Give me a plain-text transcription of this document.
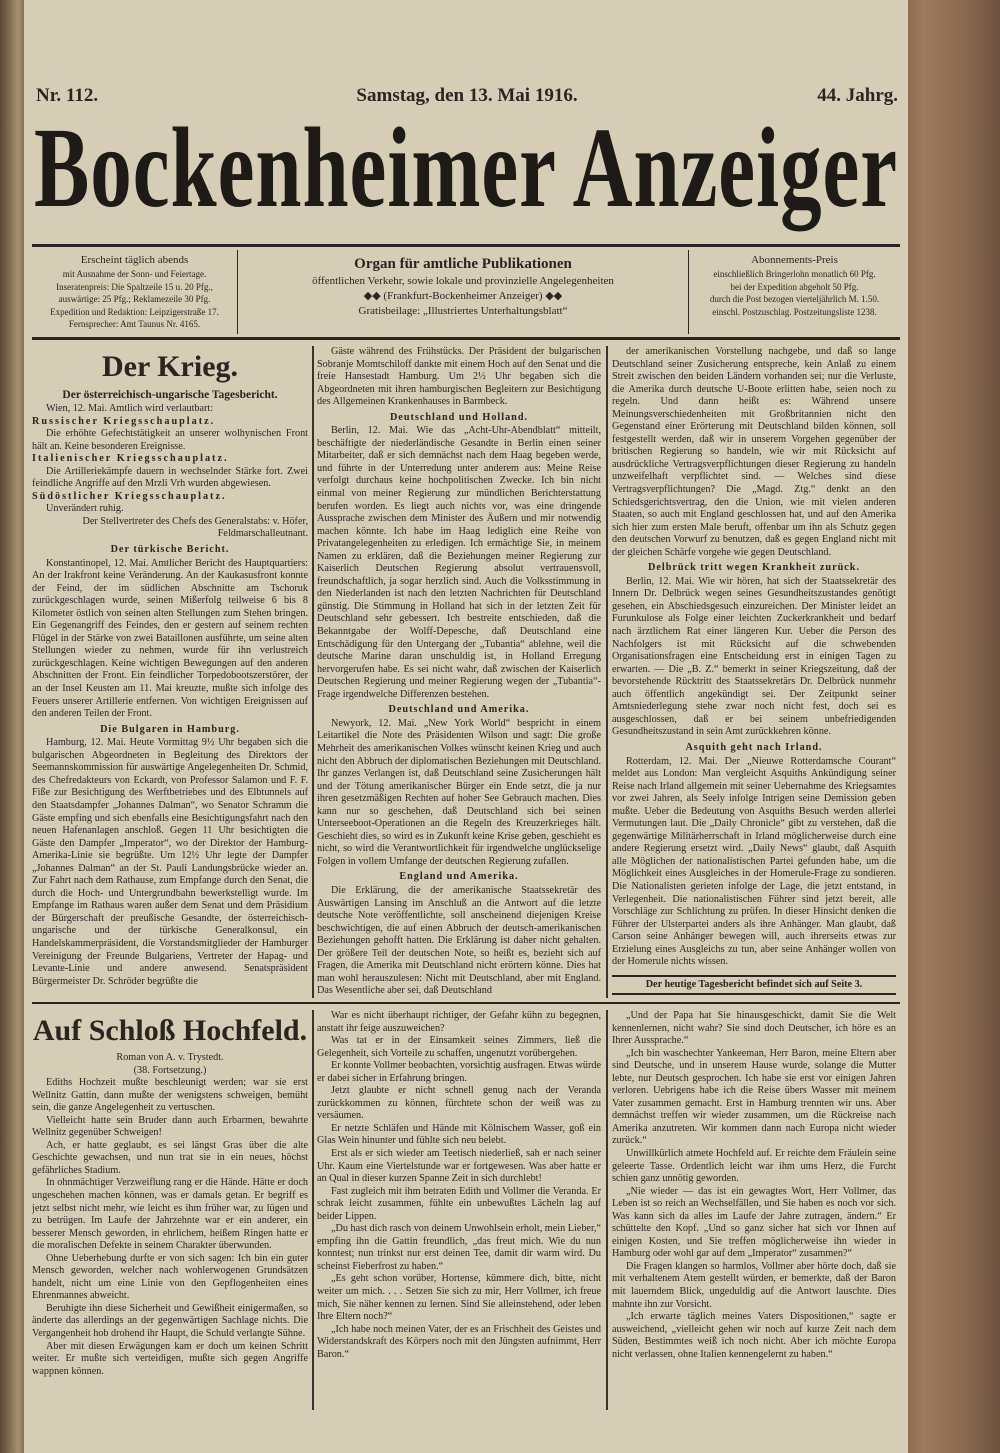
Nr. 112.	Samstag, den 13. Mai 1916.	44. Jahrg.
Bockenheimer Anzeiger
Erscheint täglich abends
mit Ausnahme der Sonn- und Feiertage.
Inseratenpreis: Die Spaltzeile 15 u. 20 Pfg.,
auswärtige: 25 Pfg.; Reklamezeile 30 Pfg.
Expedition und Redaktion: Leipzigerstraße 17.
Fernsprecher: Amt Taunus Nr. 4165.
Organ für amtliche Publikationen
öffentlichen Verkehr, sowie lokale und provinzielle Angelegenheiten
◆◆ (Frankfurt-Bockenheimer Anzeiger) ◆◆
Gratisbeilage: „Illustriertes Unterhaltungsblatt“
Abonnements-Preis
einschließlich Bringerlohn monatlich 60 Pfg.
bei der Expedition abgeholt 50 Pfg.
durch die Post bezogen vierteljährlich M. 1.50.
einschl. Postzuschlag. Postzeitungsliste 1238.
Der Krieg.
Der österreichisch-ungarische Tagesbericht.

Wien, 12. Mai. Amtlich wird verlautbart:

Russischer Kriegsschauplatz.

Die erhöhte Gefechtstätigkeit an unserer wolhynischen Front hält an. Keine besonderen Ereignisse.

Italienischer Kriegsschauplatz.

Die Artilleriekämpfe dauern in wechselnder Stärke fort. Zwei feindliche Angriffe auf den Mrzli Vrh wurden abgewiesen.

Südöstlicher Kriegsschauplatz.

Unverändert ruhig.

Der Stellvertreter des Chefs des Generalstabs: v. Höfer, Feldmarschalleutnant.
Der türkische Bericht.

Konstantinopel, 12. Mai. Amtlicher Bericht des Hauptquartiers: An der Irakfront keine Veränderung. An der Kaukasusfront konnte der Feind, der im südlichen Abschnitte am Tschoruk zurückgeschlagen wurde, seinen Mißerfolg teilweise 6 bis 8 Kilometer östlich von seinen alten Stellungen zum Stehen bringen. Ein Gegenangriff des Feindes, den er gestern auf seinem rechten Flügel in der Stärke von zwei Bataillonen ausführte, um seine alten Stellungen wieder zu nehmen, wurde für ihn verlustreich zurückgeschlagen. Keine wichtigen Bewegungen auf den anderen Abschnitten der Front. Ein feindlicher Torpedobootszerstörer, der an der Insel Keusten am 11. Mai kreuzte, mußte sich infolge des Feuers unserer Artillerie entfernen. Von wichtigen Ereignissen auf den anderen Teilen der Front.

Die Bulgaren in Hamburg.

Hamburg, 12. Mai. Heute Vormittag 9½ Uhr begaben sich die bulgarischen Abgeordneten in Begleitung des Direktors der Seemannskommission für auswärtige Angelegenheiten Dr. Schmid, des Chefredakteurs von Eckardt, von Professor Salamon und F. F. Fiße zur Besichtigung des Werftbetriebes und des Elbtunnels auf den Staatsdampfer „Johannes Dalman“, wo Senator Schramm die Gäste empfing und sich ebenfalls eine Besichtigungsfahrt nach den neuen Hafenanlagen anschloß. Gegen 11 Uhr besichtigten die Gäste den Dampfer „Imperator“, wo der Direktor der Hamburg-Amerika-Linie sie begrüßte. Um 12½ Uhr legte der Dampfer „Johannes Dalman“ an der St. Pauli Landungsbrücke wieder an. Zur Fahrt nach dem Rathause, zum Empfange durch den Senat, die durch die Hoch- und Untergrundbahn bewerkstelligt wurde. Im Empfange im Rathaus waren außer dem Senat und dem Präsidium der Bürgerschaft der preußische Gesandte, der österreichisch-ungarische und der türkische Generalkonsul, ein Handelskammerpräsident, die Vorstandsmitglieder der Hamburger Vereinigung der Freunde Bulgariens, Vertreter der Hapag- und Levante-Linie und andere anwesend. Senatspräsident Bürgermeister Dr. Schröder begrüßte die

Gäste während des Frühstücks. Der Präsident der bulgarischen Sobranje Momtschiloff dankte mit einem Hoch auf den Senat und die freie Hansestadt Hamburg. Um 2½ Uhr begaben sich die Abgeordneten mit ihren hamburgischen Begleitern zur Besichtigung des Allgemeinen Krankenhauses in Barmbeck.

Deutschland und Holland.

Berlin, 12. Mai. Wie das „Acht-Uhr-Abendblatt“ mitteilt, beschäftigte der niederländische Gesandte in Berlin einen seiner Mitarbeiter, daß er sich demnächst nach dem Haag begeben werde, und führte in der Unterredung unter anderem aus: Meine Reise verfolgt durchaus keine hochpolitischen Zwecke. Ich bin nicht einmal von meiner Regierung zur mündlichen Berichterstattung berufen worden. Es liegt auch nichts vor, was eine dringende Aussprache zwischen dem Minister des Äußern und mir notwendig machen könnte. Ich habe im Haag lediglich eine Reihe von Privatangelegenheiten zu erledigen. Ich ermächtige Sie, in meinem Namen zu erklären, daß die Beziehungen meiner Regierung zur Kaiserlich Deutschen Regierung absolut vertrauensvoll, freundschaftlich, ja sogar herzlich sind. Auch die Volksstimmung in den Niederlanden ist nach den letzten Nachrichten für Deutschland günstig. Die Stimmung in Holland hat sich in der letzten Zeit für Deutschland sehr gebessert. Ich bestreite entschieden, daß die Bekanntgabe der Wolff-Depesche, daß Deutschland eine Entschädigung für den Untergang der „Tubantia“ ablehne, weil die deutsche Marine daran unschuldig ist, in Holland Erregung hervorgerufen habe. Es sei nicht wahr, daß zwischen der Kaiserlich Deutschen Regierung und meiner Regierung wegen der „Tubantia“-Frage irgendwelche Differenzen bestehen.

Deutschland und Amerika.

Newyork, 12. Mai. „New York World“ bespricht in einem Leitartikel die Note des Präsidenten Wilson und sagt: Die große Mehrheit des amerikanischen Volkes wünscht keinen Krieg und auch nicht den Abbruch der diplomatischen Beziehungen mit Deutschland. Ihr ganzes Verlangen ist, daß Deutschland seine Zusicherungen hält und der Tötung amerikanischer Bürger ein Ende setzt, die ja nur ihren gesetzmäßigen Rechten auf hoher See Gebrauch machen. Dies kann nur so geschehen, daß Deutschland sich bei seinen Unterseeboot-Operationen an die Regeln des Kreuzerkrieges hält. Geschieht dies, so wird es in Zukunft keine Krise geben, geschieht es nicht, so wird die Verantwortlichkeit für irgendwelche unglückselige Folgen in vollem Umfange der deutschen Regierung zufallen.

England und Amerika.

Die Erklärung, die der amerikanische Staatssekretär des Auswärtigen Lansing im Anschluß an die Antwort auf die letzte deutsche Note veröffentlichte, soll anscheinend diejenigen Kreise beschwichtigen, die auf einen Abbruch der deutsch-amerikanischen Beziehungen gehofft hatten. Die Erklärung ist daher nicht gehalten. Der größere Teil der deutschen Note, so heißt es, bezieht sich auf Fragen, die Amerika mit Deutschland nicht erörtern könne. Dies hat man wohl herauszulesen: Nicht mit Deutschland, aber mit England. Das Wesentliche aber sei, daß Deutschland

der amerikanischen Vorstellung nachgebe, und daß so lange Deutschland seiner Zusicherung entspreche, kein Anlaß zu einem Streit zwischen den beiden Ländern vorhanden sei; nur die Verluste, die Amerika durch deutsche U-Boote erlitten habe, seien noch zu regeln. Und dann heißt es: Während unsere Meinungsverschiedenheiten mit Großbritannien nicht den Gegenstand einer Erörterung mit Deutschland bilden können, soll festgestellt werden, daß wir in unserem Vorgehen gegenüber der britischen Regierung so handeln, wie wir mit Rücksicht auf ausdrückliche Vertragsverpflichtungen dieser Regierung zu handeln unzweifelhaft verpflichtet sind. — Welches sind diese Vertragsverpflichtungen? Die „Magd. Ztg.“ denkt an den Schiedsgerichtsvertrag, den die Union, wie mit vielen anderen Staaten, so auch mit England geschlossen hat, und auf den Amerika sich hier zum ersten Male beruft, offenbar um ihn als Schutz gegen den deutschen Vorwurf zu benutzen, daß es gegen England nicht mit der gleichen Schärfe vorgehe wie gegen Deutschland.

Delbrück tritt wegen Krankheit zurück.

Berlin, 12. Mai. Wie wir hören, hat sich der Staatssekretär des Innern Dr. Delbrück wegen seines Gesundheitszustandes genötigt gesehen, ein Abschiedsgesuch einzureichen. Der Minister leidet an Furunkulose als Folge einer leichten Zuckerkrankheit und bedarf nach ärztlichem Rat einer längeren Kur. Ueber die Person des Nachfolgers ist mit Rücksicht auf die schwebenden Organisationsfragen eine Entscheidung erst in einigen Tagen zu erwarten. — Die „B. Z.“ bemerkt in seiner Kriegszeitung, daß der bevorstehende Rücktritt des Staatssekretärs Dr. Delbrück nunmehr auch öffentlich angekündigt sei. Der Zeitpunkt seiner Amtsniederlegung stehe zwar noch nicht fest, doch sei es ausgeschlossen, daß er bei seinem unbefriedigenden Gesundheitszustand in sein Amt zurückkehren könne.

Asquith geht nach Irland.

Rotterdam, 12. Mai. Der „Nieuwe Rotterdamsche Courant“ meldet aus London: Man vergleicht Asquiths Ankündigung seiner Reise nach Irland allgemein mit seiner Uebernahme des Kriegsamtes vor zwei Jahren, als Seely infolge Intrigen seine Demission geben mußte. Ueber die Bedeutung von Asquiths Besuch werden allerlei Vermutungen laut. Die „Daily Chronicle“ gibt zu verstehen, daß die gegenwärtige Militärherrschaft in Irland möglicherweise durch eine andere Regierung ersetzt wird. „Daily News“ glaubt, daß Asquith alle Möglichen der nationalistischen Partei gefunden habe, um die Möglichkeit eines Ausgleiches in der Homerule-Frage zu sondieren. Die Nationalisten gerieten infolge der Lage, die jetzt entstand, in Verlegenheit. Die nationalistischen Führer sind jetzt bereit, alle Vorschläge zur Schlichtung zu prüfen. In dieser Hinsicht denken die Führer der Ulsterpartei anders als ihre Anhänger. Man glaubt, daß Carson seine Anhänger bewegen will, auch ihrerseits etwas zur Erzielung eines Ausgleichs zu tun, aber seine Anhänger wollen von der Homerule nichts wissen.

Der heutige Tagesbericht befindet sich auf Seite 3.
Auf Schloß Hochfeld.
Roman von A. v. Trystedt.
(38. Fortsetzung.)

Ediths Hochzeit mußte beschleunigt werden; war sie erst Wellnitz Gattin, dann mußte der wenigstens schweigen, bemüht sein, die ganze Angelegenheit zu vertuschen.

Vielleicht hatte sein Bruder dann auch Erbarmen, bewahrte Wellnitz gegenüber Schweigen!

Ach, er hatte geglaubt, es sei längst Gras über die alte Geschichte gewachsen, und nun trat sie in ein neues, höchst gefährliches Stadium.

In ohnmächtiger Verzweiflung rang er die Hände. Hätte er doch ungeschehen machen können, was er damals getan. Er begriff es jetzt selbst nicht mehr, wie leicht es ihm früher war, zu lügen und zu betrügen. Im Laufe der Jahrzehnte war er ein anderer, ein besserer Mensch geworden, in ehrlichem, heißem Ringen hatte er die moralischen Defekte in seinem Charakter überwunden.

Ohne Ueberhebung durfte er von sich sagen: Ich bin ein guter Mensch geworden, welcher nach wohlerwogenen Grundsätzen handelt, nicht um eine Linie von den Gepflogenheiten eines Ehrenmannes abweicht.

Beruhigte ihn diese Sicherheit und Gewißheit einigermaßen, so änderte das allerdings an der gegenwärtigen Sachlage nichts. Die Vergangenheit hob drohend ihr Haupt, die Schuld verlangte Sühne.

Aber mit diesen Erwägungen kam er doch um keinen Schritt weiter. Er mußte sich verteidigen, mußte sich gegen Angriffe wappnen können.

War es nicht überhaupt richtiger, der Gefahr kühn zu begegnen, anstatt ihr feige auszuweichen?

Was tat er in der Einsamkeit seines Zimmers, ließ die Gelegenheit, sich Vorteile zu schaffen, ungenutzt vorübergehen.

Er konnte Vollmer beobachten, vorsichtig ausfragen. Etwas würde er dabei sicher in Erfahrung bringen.

Jetzt glaubte er nicht schnell genug nach der Veranda zurückkommen zu können, fürchtete schon der weiß was zu versäumen.

Er netzte Schläfen und Hände mit Kölnischem Wasser, goß ein Glas Wein hinunter und fühlte sich neu belebt.

Erst als er sich wieder am Teetisch niederließ, sah er nach seiner Uhr. Kaum eine Viertelstunde war er fortgewesen. Was aber hatte er an Qual in dieser kurzen Spanne Zeit in sich durchlebt!

Fast zugleich mit ihm betraten Edith und Vollmer die Veranda. Er schrak leicht zusammen, fühlte ein unbewußtes Lächeln lag auf beider Lippen.

„Du hast dich rasch von deinem Unwohlsein erholt, mein Lieber,“ empfing ihn die Gattin freundlich, „das freut mich. Wie du nun konntest; nun trinkst nur erst deinen Tee, damit dir warm wird. Du scheinst Fieberfrost zu haben.“

„Es geht schon vorüber, Hortense, kümmere dich, bitte, nicht weiter um mich. . . . Setzen Sie sich zu mir, Herr Vollmer, ich freue mich, Sie näher kennen zu lernen. Sind Sie alleinstehend, oder leben Ihre Eltern noch?“

„Ich habe noch meinen Vater, der es an Frischheit des Geistes und Widerstandskraft des Körpers noch mit den Jüngsten aufnimmt, Herr Baron.“

„Und der Papa hat Sie hinausgeschickt, damit Sie die Welt kennenlernen, nicht wahr? Sie sind doch Deutscher, ich höre es an Ihrer Aussprache.“

„Ich bin waschechter Yankeeman, Herr Baron, meine Eltern aber sind Deutsche, und in unserem Hause wurde, solange die Mutter lebte, nur Deutsch gesprochen. Ich habe sie erst vor einigen Jahren verloren. Uebrigens habe ich die Reise übers Wasser mit meinem Vater zusammen gemacht. Erst in Hamburg trennten wir uns. Aber demnächst treffen wir wieder zusammen, um die Rückreise nach Amerika anzutreten. Wir kommen dann nach Europa nicht wieder zurück.“

Unwillkürlich atmete Hochfeld auf. Er reichte dem Fräulein seine geleerte Tasse. Ordentlich leicht war ihm ums Herz, die Furcht schien ganz unnötig geworden.

„Nie wieder — das ist ein gewagtes Wort, Herr Vollmer, das Leben ist so reich an Wechselfällen, und Sie haben es noch vor sich. Was kann sich da alles im Laufe der Jahre zutragen, ändern.“ Er schüttelte den Kopf. „Und so ganz sicher hat sich vor Ihnen auf einigen Kosten, und Sie treffen möglicherweise ihn wieder in Hamburg oder wohl gar auf dem „Imperator“ zusammen?“

Die Fragen klangen so harmlos, Vollmer aber hörte doch, daß sie mit verhaltenem Atem gestellt würden, er bemerkte, daß der Baron mit lauerndem Blick, ungeduldig auf die Antwort lauschte. Dies mahnte ihn zur Vorsicht.

„Ich erwarte täglich meines Vaters Dispositionen,“ sagte er ausweichend, „vielleicht gehen wir noch auf kurze Zeit nach dem Süden, Bestimmtes weiß ich noch nicht. Aber ich möchte Europa nicht verlassen, ohne Italien kennengelernt zu haben.“
